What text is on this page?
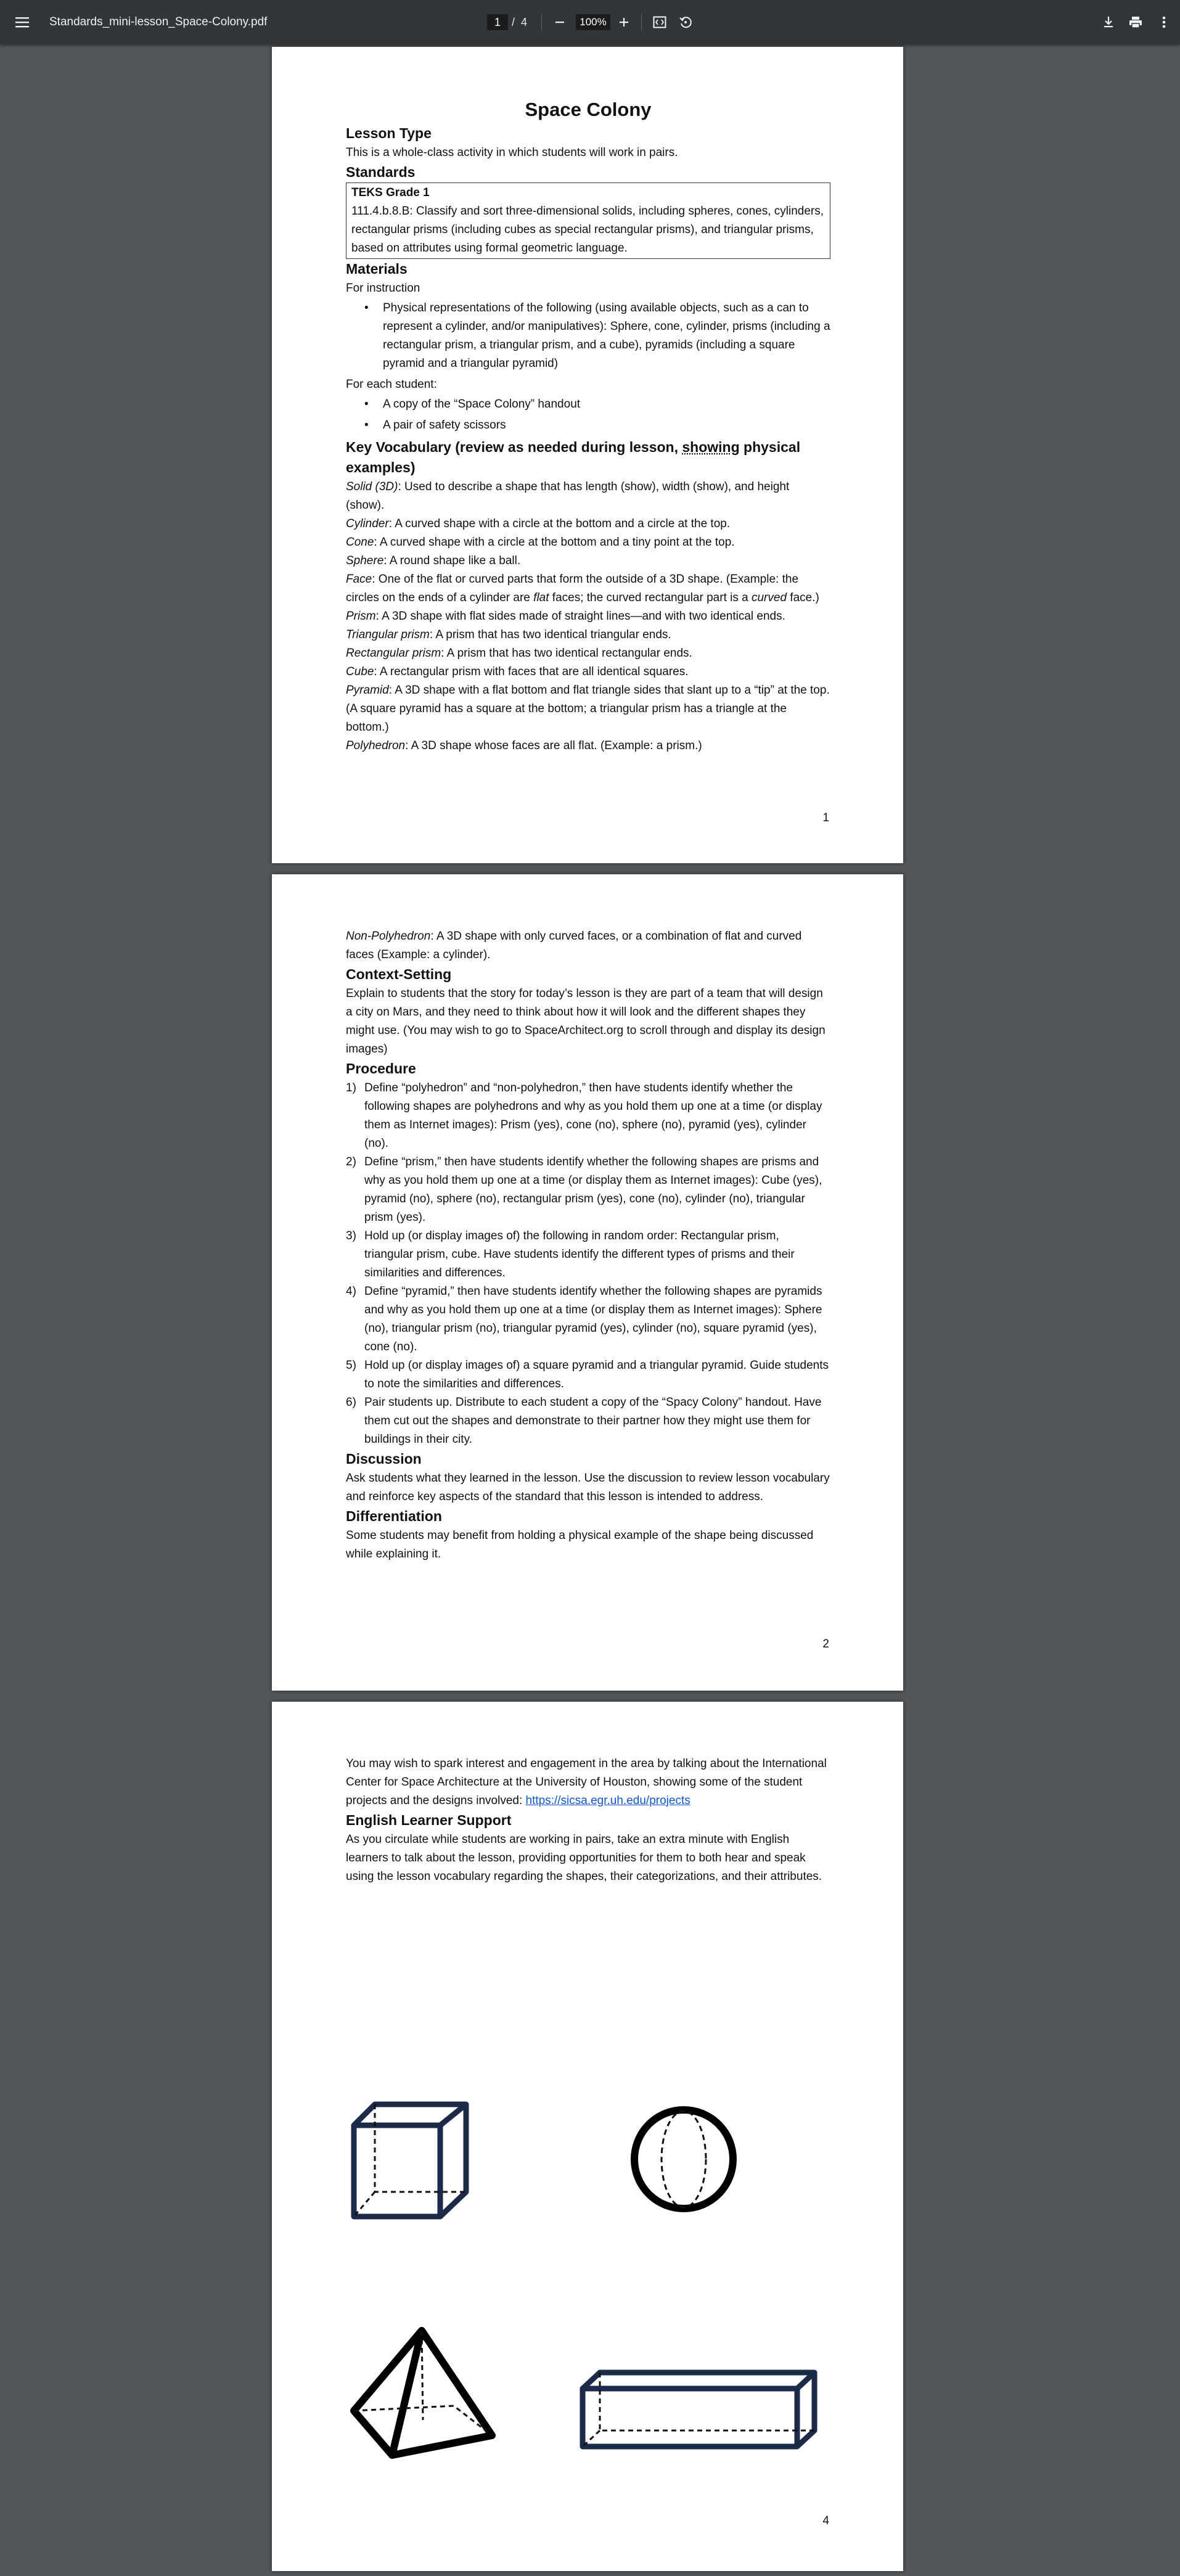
Standards_mini-lesson_Space-Colony.pdf	1	/ 4	100%

Space Colony

Lesson Type

This is a whole-class activity in which students will work in pairs.

Standards

TEKS Grade 1

111.4.b.8.B: Classify and sort three-dimensional solids, including spheres, cones, cylinders, rectangular prisms (including cubes as special rectangular prisms), and triangular prisms, based on attributes using formal geometric language.

Materials

For instruction

• Physical representations of the following (using available objects, such as a can to represent a cylinder, and/or manipulatives): Sphere, cone, cylinder, prisms (including a rectangular prism, a triangular prism, and a cube), pyramids (including a square pyramid and a triangular pyramid)

For each student:

• A copy of the “Space Colony” handout
• A pair of safety scissors
Key Vocabulary (review as needed during lesson, showing physical examples)

Solid (3D): Used to describe a shape that has length (show), width (show), and height (show).

Cylinder: A curved shape with a circle at the bottom and a circle at the top.

Cone: A curved shape with a circle at the bottom and a tiny point at the top.

Sphere: A round shape like a ball.

Face: One of the flat or curved parts that form the outside of a 3D shape. (Example: the circles on the ends of a cylinder are flat faces; the curved rectangular part is a curved face.)

Prism: A 3D shape with flat sides made of straight lines—and with two identical ends.

Triangular prism: A prism that has two identical triangular ends.

Rectangular prism: A prism that has two identical rectangular ends.

Cube: A rectangular prism with faces that are all identical squares.

Pyramid: A 3D shape with a flat bottom and flat triangle sides that slant up to a “tip” at the top. (A square pyramid has a square at the bottom; a triangular prism has a triangle at the bottom.)

Polyhedron: A 3D shape whose faces are all flat. (Example: a prism.)

1

Non-Polyhedron: A 3D shape with only curved faces, or a combination of flat and curved faces (Example: a cylinder).

Context-Setting

Explain to students that the story for today’s lesson is they are part of a team that will design a city on Mars, and they need to think about how it will look and the different shapes they might use. (You may wish to go to SpaceArchitect.org to scroll through and display its design images)

Procedure
1) Define “polyhedron” and “non-polyhedron,” then have students identify whether the following shapes are polyhedrons and why as you hold them up one at a time (or display them as Internet images): Prism (yes), cone (no), sphere (no), pyramid (yes), cylinder (no).
2) Define “prism,” then have students identify whether the following shapes are prisms and why as you hold them up one at a time (or display them as Internet images): Cube (yes), pyramid (no), sphere (no), rectangular prism (yes), cone (no), cylinder (no), triangular prism (yes).
3) Hold up (or display images of) the following in random order: Rectangular prism, triangular prism, cube. Have students identify the different types of prisms and their similarities and differences.
4) Define “pyramid,” then have students identify whether the following shapes are pyramids and why as you hold them up one at a time (or display them as Internet images): Sphere (no), triangular prism (no), triangular pyramid (yes), cylinder (no), square pyramid (yes), cone (no).
5) Hold up (or display images of) a square pyramid and a triangular pyramid. Guide students to note the similarities and differences.
6) Pair students up. Distribute to each student a copy of the “Spacy Colony” handout. Have them cut out the shapes and demonstrate to their partner how they might use them for buildings in their city.
Discussion

Ask students what they learned in the lesson. Use the discussion to review lesson vocabulary and reinforce key aspects of the standard that this lesson is intended to address.

Differentiation

Some students may benefit from holding a physical example of the shape being discussed while explaining it.

2

You may wish to spark interest and engagement in the area by talking about the International Center for Space Architecture at the University of Houston, showing some of the student projects and the designs involved: https://sicsa.egr.uh.edu/projects

English Learner Support

As you circulate while students are working in pairs, take an extra minute with English learners to talk about the lesson, providing opportunities for them to both hear and speak using the lesson vocabulary regarding the shapes, their categorizations, and their attributes.

4
